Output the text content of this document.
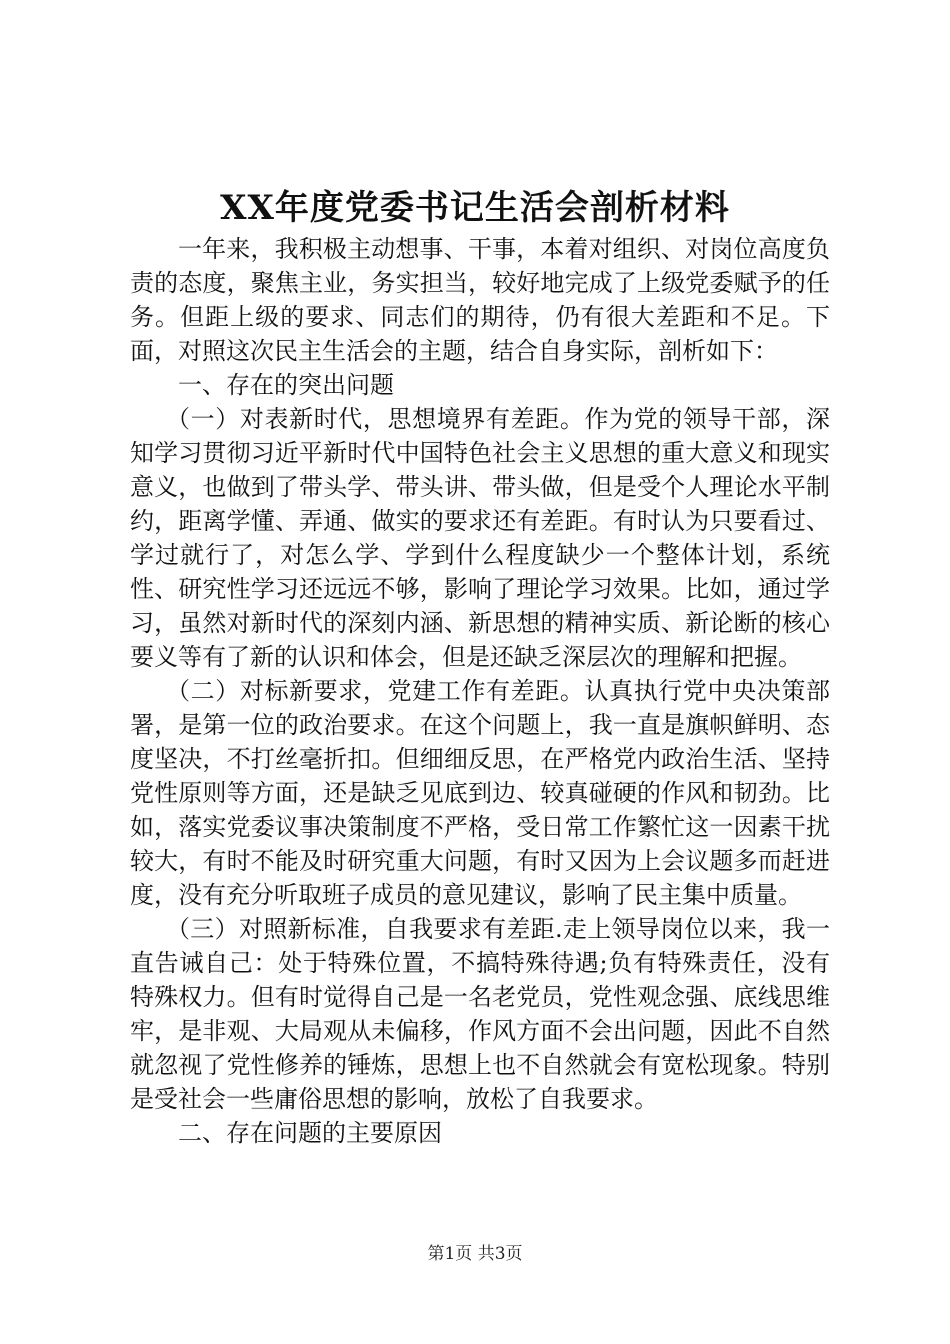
XX年度党委书记生活会剖析材料

一年来，我积极主动想事、干事，本着对组织、对岗位高度负责的态度，聚焦主业，务实担当，较好地完成了上级党委赋予的任务。但距上级的要求、同志们的期待，仍有很大差距和不足。下面，对照这次民主生活会的主题，结合自身实际，剖析如下：

一、存在的突出问题

（一）对表新时代，思想境界有差距。作为党的领导干部，深知学习贯彻习近平新时代中国特色社会主义思想的重大意义和现实意义，也做到了带头学、带头讲、带头做，但是受个人理论水平制约，距离学懂、弄通、做实的要求还有差距。有时认为只要看过、学过就行了，对怎么学、学到什么程度缺少一个整体计划，系统性、研究性学习还远远不够，影响了理论学习效果。比如，通过学习，虽然对新时代的深刻内涵、新思想的精神实质、新论断的核心要义等有了新的认识和体会，但是还缺乏深层次的理解和把握。

（二）对标新要求，党建工作有差距。认真执行党中央决策部署，是第一位的政治要求。在这个问题上，我一直是旗帜鲜明、态度坚决，不打丝毫折扣。但细细反思，在严格党内政治生活、坚持党性原则等方面，还是缺乏见底到边、较真碰硬的作风和韧劲。比如，落实党委议事决策制度不严格，受日常工作繁忙这一因素干扰较大，有时不能及时研究重大问题，有时又因为上会议题多而赶进度，没有充分听取班子成员的意见建议，影响了民主集中质量。

（三）对照新标准，自我要求有差距.走上领导岗位以来，我一直告诫自己：处于特殊位置，不搞特殊待遇;负有特殊责任，没有特殊权力。但有时觉得自己是一名老党员，党性观念强、底线思维牢，是非观、大局观从未偏移，作风方面不会出问题，因此不自然就忽视了党性修养的锤炼，思想上也不自然就会有宽松现象。特别是受社会一些庸俗思想的影响，放松了自我要求。

二、存在问题的主要原因

第1页 共3页
